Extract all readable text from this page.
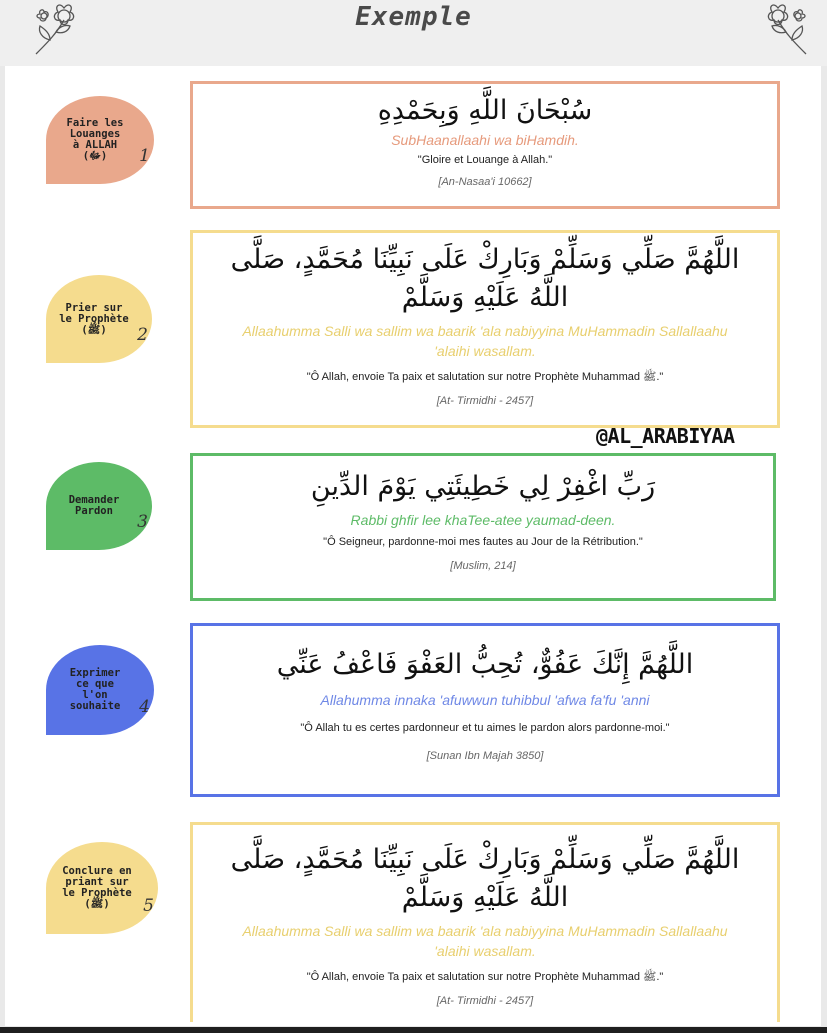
Exemple
Faire les
Louanges
à ALLAH
(ﷻ)	1
سُبْحَانَ اللَّهِ وَبِحَمْدِهِ
SubHaanallaahi wa biHamdih.
"Gloire et Louange à Allah."
[An-Nasaa'i 10662]
Prier sur
le Prophète
(ﷺ)	2
اللَّهُمَّ صَلِّي وَسَلِّمْ وَبَارِكْ عَلَى نَبِيِّنَا مُحَمَّدٍ، صَلَّى اللَّهُ عَلَيْهِ وَسَلَّمْ
Allaahumma Salli wa sallim wa baarik 'ala nabiyyina MuHammadin Sallallaahu 'alaihi wasallam.
"Ô Allah, envoie Ta paix et salutation sur notre Prophète Muhammad ﷺ."
[At- Tirmidhi - 2457]
@AL_ARABIYAA
Demander
Pardon
3
رَبِّ اغْفِرْ لِي خَطِيئَتِي يَوْمَ الدِّينِ
Rabbi ghfir lee khaTee-atee yaumad-deen.
"Ô Seigneur, pardonne-moi mes fautes au Jour de la Rétribution."
[Muslim, 214]
Exprimer
ce que
l'on
souhaite	4
اللَّهُمَّ إِنَّكَ عَفُوٌّ، تُحِبُّ العَفْوَ فَاعْفُ عَنِّي
Allahumma innaka 'afuwwun tuhibbul 'afwa fa'fu 'anni
"Ô Allah tu es certes pardonneur et tu aimes le pardon alors pardonne-moi."
[Sunan Ibn Majah 3850]
Conclure en
priant sur
le Prophète
(ﷺ)	5
اللَّهُمَّ صَلِّي وَسَلِّمْ وَبَارِكْ عَلَى نَبِيِّنَا مُحَمَّدٍ، صَلَّى اللَّهُ عَلَيْهِ وَسَلَّمْ
Allaahumma Salli wa sallim wa baarik 'ala nabiyyina MuHammadin Sallallaahu 'alaihi wasallam.
"Ô Allah, envoie Ta paix et salutation sur notre Prophète Muhammad ﷺ."
[At- Tirmidhi - 2457]
